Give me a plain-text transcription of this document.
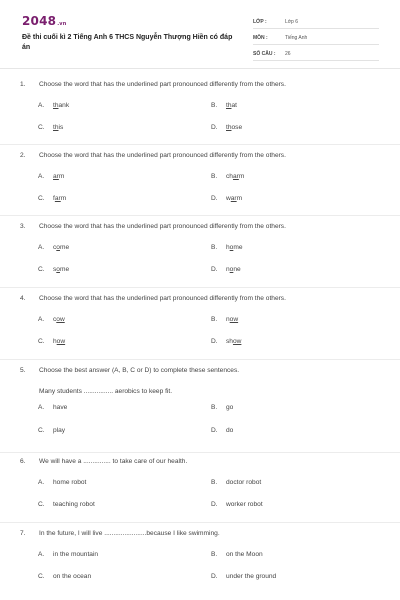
2048.vn
Đề thi cuối kì 2 Tiếng Anh 6 THCS Nguyễn Thượng Hiền có đáp án
LỚP :	Lớp 6
MÔN :	Tiếng Anh
SỐ CÂU :	26
1. Choose the word that has the underlined part pronounced differently from the others.
A. thank	B. that
C. this	D. those
2. Choose the word that has the underlined part pronounced differently from the others.
A. arm	B. charm
C. farm	D. warm
3. Choose the word that has the underlined part pronounced differently from the others.
A. come	B. home
C. some	D. none
4. Choose the word that has the underlined part pronounced differently from the others.
A. cow	B. now
C. how	D. show
5. Choose the best answer (A, B, C or D) to complete these sentences.
Many students ................ aerobics to keep fit.
A. have	B. go
C. play	D. do
6. We will have a ............... to take care of our health.
A. home robot	B. doctor robot
C. teaching robot	D. worker robot
7. In the future, I will live .......................because I like swimming.
A. in the mountain	B. on the Moon
C. on the ocean	D. under the ground
